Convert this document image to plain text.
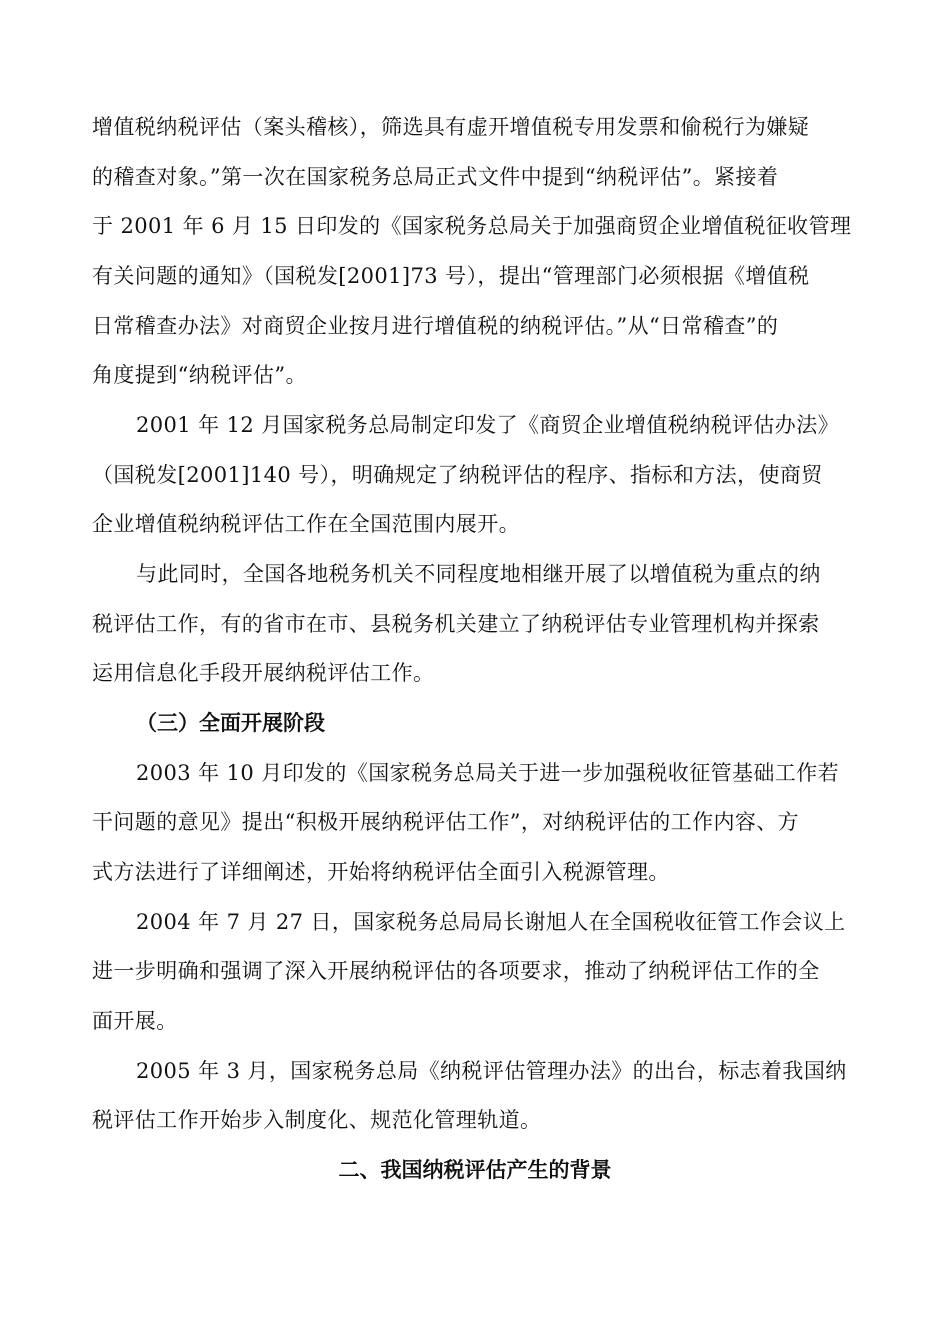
增值税纳税评估（案头稽核），筛选具有虚开增值税专用发票和偷税行为嫌疑
的稽查对象。”第一次在国家税务总局正式文件中提到“纳税评估”。紧接着
于 2001 年 6 月 15 日印发的《国家税务总局关于加强商贸企业增值税征收管理
有关问题的通知》（国税发[2001]73 号），提出“管理部门必须根据《增值税
日常稽查办法》对商贸企业按月进行增值税的纳税评估。”从“日常稽查”的
角度提到“纳税评估”。
2001 年 12 月国家税务总局制定印发了《商贸企业增值税纳税评估办法》
（国税发[2001]140 号），明确规定了纳税评估的程序、指标和方法，使商贸
企业增值税纳税评估工作在全国范围内展开。
与此同时，全国各地税务机关不同程度地相继开展了以增值税为重点的纳
税评估工作，有的省市在市、县税务机关建立了纳税评估专业管理机构并探索
运用信息化手段开展纳税评估工作。
（三）全面开展阶段
2003 年 10 月印发的《国家税务总局关于进一步加强税收征管基础工作若
干问题的意见》提出“积极开展纳税评估工作”，对纳税评估的工作内容、方
式方法进行了详细阐述，开始将纳税评估全面引入税源管理。
2004 年 7 月 27 日，国家税务总局局长谢旭人在全国税收征管工作会议上
进一步明确和强调了深入开展纳税评估的各项要求，推动了纳税评估工作的全
面开展。
2005 年 3 月，国家税务总局《纳税评估管理办法》的出台，标志着我国纳
税评估工作开始步入制度化、规范化管理轨道。
二、我国纳税评估产生的背景
